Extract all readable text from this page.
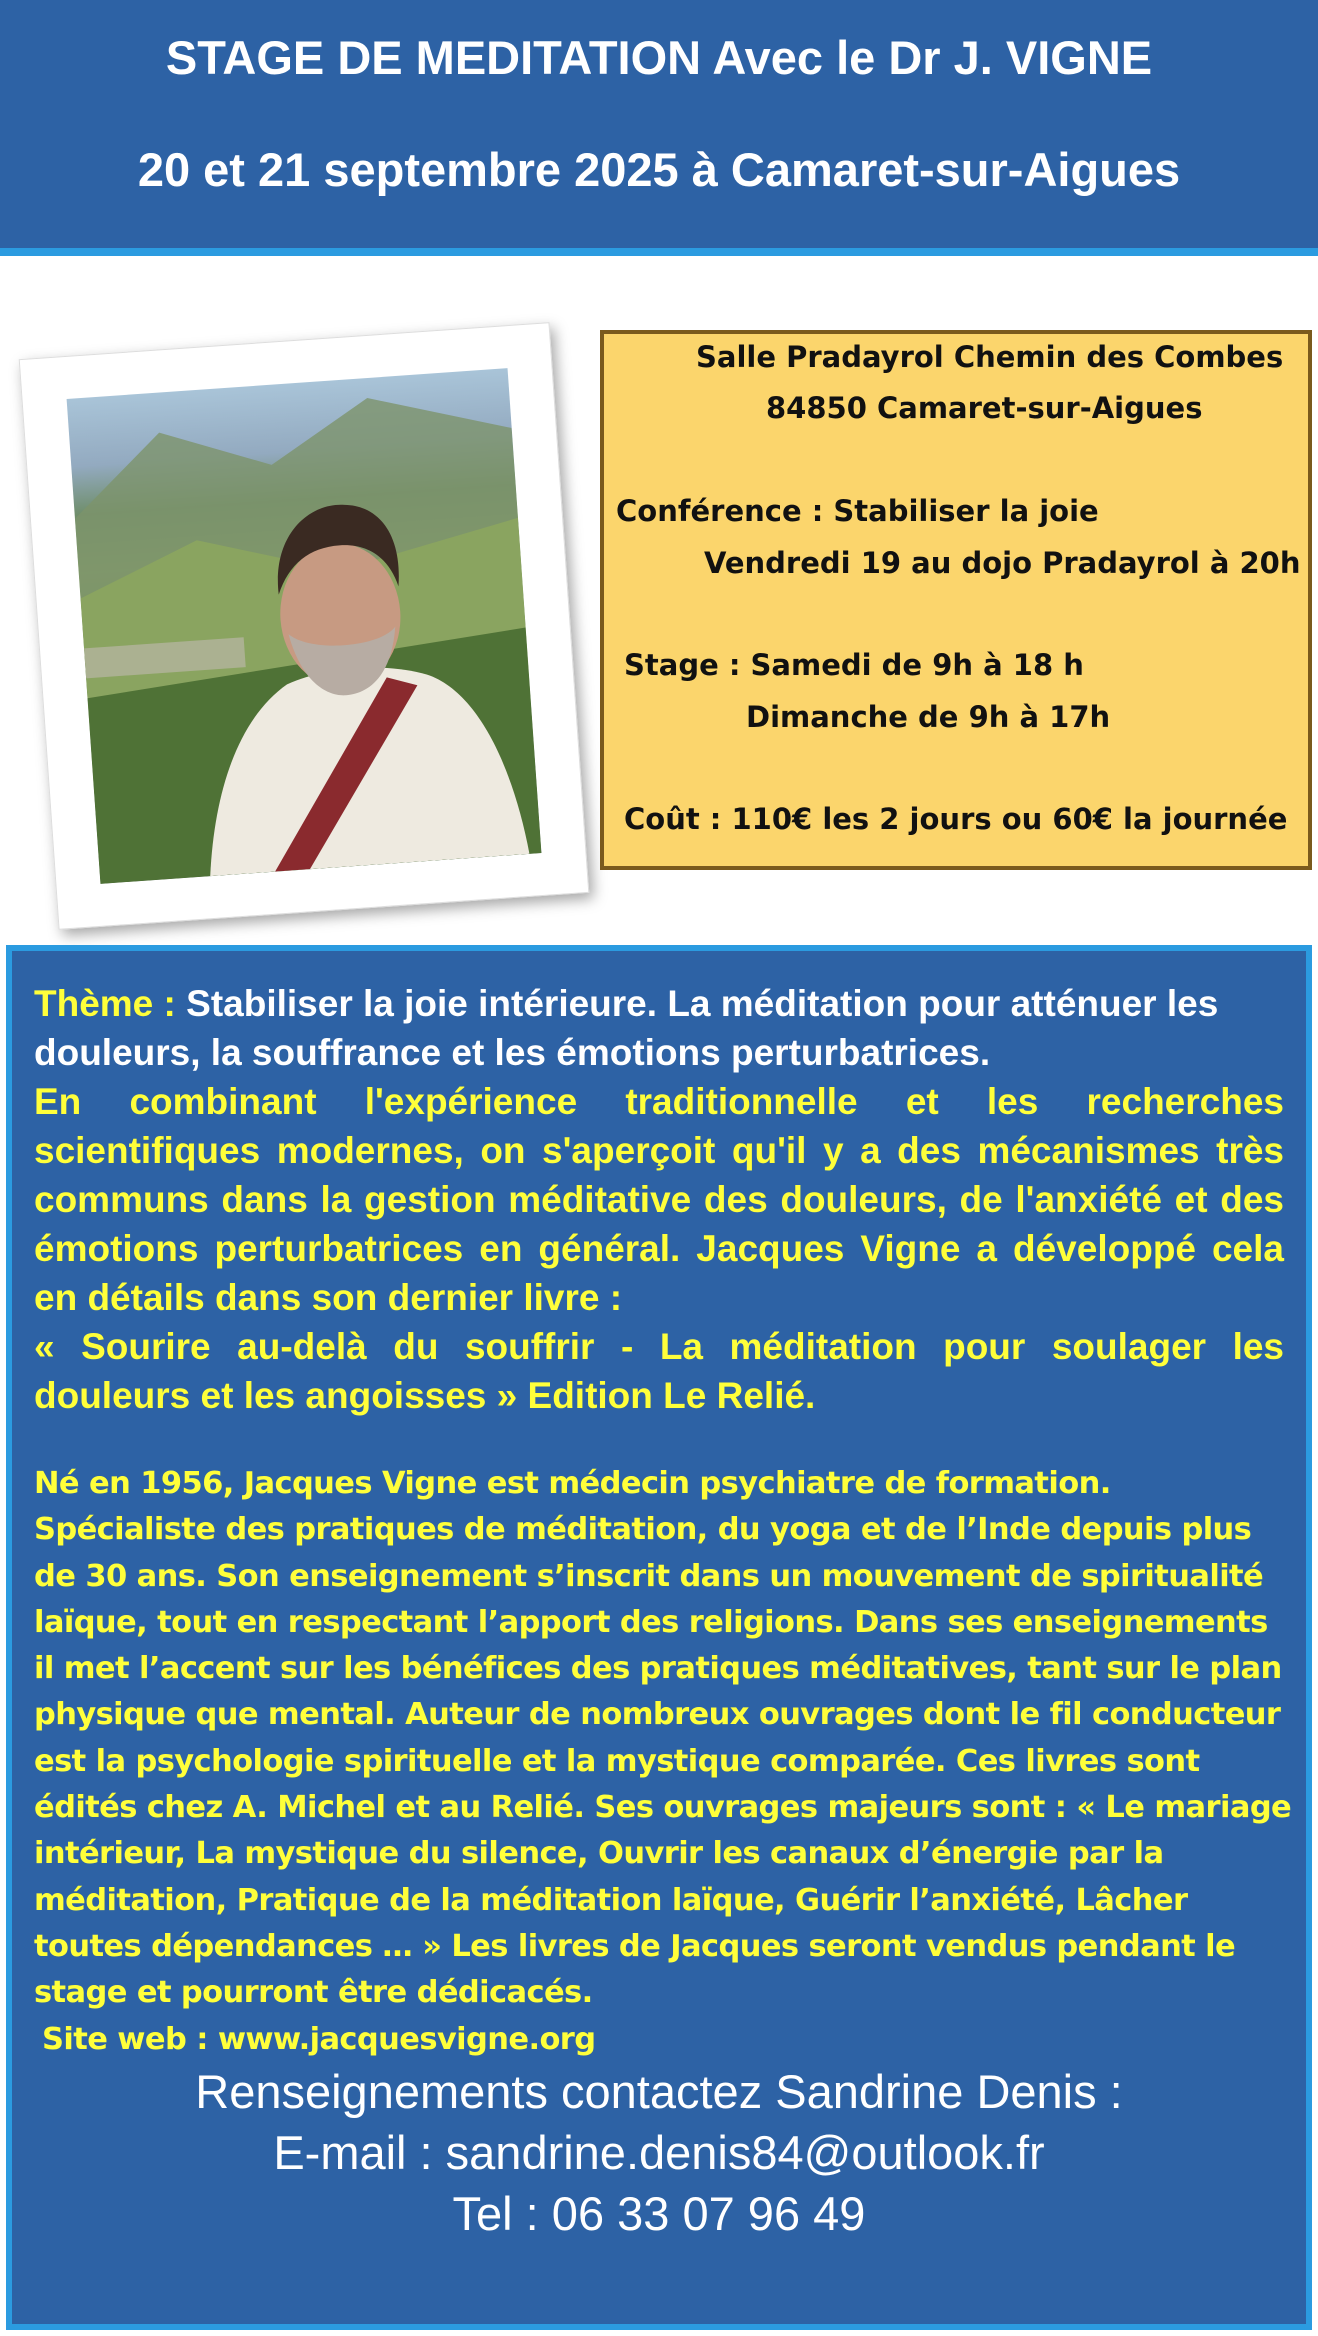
STAGE DE MEDITATION Avec le Dr J. VIGNE
20 et 21 septembre 2025 à Camaret-sur-Aigues
Salle Pradayrol Chemin des Combes
84850 Camaret-sur-Aigues
Conférence : Stabiliser la joie
Vendredi 19 au dojo Pradayrol à 20h
Stage : Samedi de 9h à 18 h
Dimanche de 9h à 17h
Coût : 110€ les 2 jours ou 60€ la journée
Thème : Stabiliser la joie intérieure. La méditation pour atténuer les douleurs, la souffrance et les émotions perturbatrices.
En combinant l'expérience traditionnelle et les recherches scientifiques modernes, on s'aperçoit qu'il y a des mécanismes très communs dans la gestion méditative des douleurs, de l'anxiété et des émotions perturbatrices en général. Jacques Vigne a développé cela en détails dans son dernier livre :
« Sourire au-delà du souffrir - La méditation pour soulager les douleurs et les angoisses » Edition Le Relié.
Né en 1956, Jacques Vigne est médecin psychiatre de formation. Spécialiste des pratiques de méditation, du yoga et de l’Inde depuis plus de 30 ans. Son enseignement s’inscrit dans un mouvement de spiritualité laïque, tout en respectant l’apport des religions. Dans ses enseignements il met l’accent sur les bénéfices des pratiques méditatives, tant sur le plan physique que mental. Auteur de nombreux ouvrages dont le fil conducteur est la psychologie spirituelle et la mystique comparée. Ces livres sont édités chez A. Michel et au Relié. Ses ouvrages majeurs sont : « Le mariage intérieur, La mystique du silence, Ouvrir les canaux d’énergie par la méditation, Pratique de la méditation laïque, Guérir l’anxiété, Lâcher toutes dépendances … » Les livres de Jacques seront vendus pendant le stage et pourront être dédicacés.
Site web : www.jacquesvigne.org
Renseignements contactez Sandrine Denis :
E-mail : sandrine.denis84@outlook.fr
Tel : 06 33 07 96 49
